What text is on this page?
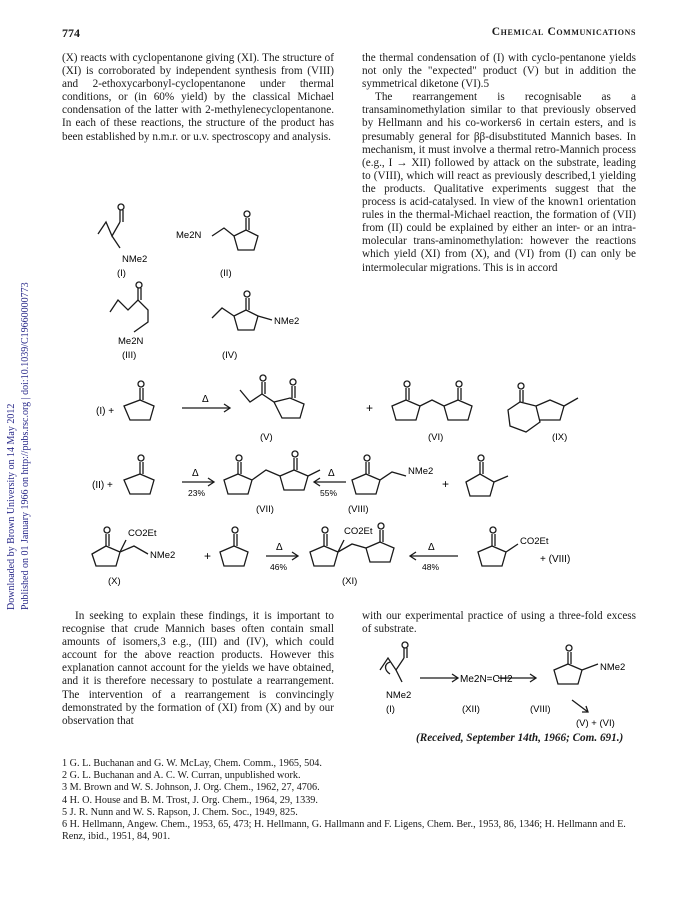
Downloaded by Brown University on 14 May 2012 Published on 01 January 1966 on http://pubs.rsc.org | doi:10.1039/C19660000773
774	Chemical Communications

(X) reacts with cyclopentanone giving (XI). The structure of (XI) is corroborated by independent synthesis from (VIII) and 2-ethoxycarbonyl-cyclopentanone under thermal conditions, or (in 60% yield) by the classical Michael condensation of the latter with 2-methylenecyclopentanone. In each of these reactions, the structure of the product has been established by n.m.r. or u.v. spectroscopy and analysis.

the thermal condensation of (I) with cyclo-pentanone yields not only the "expected" product (V) but in addition the symmetrical diketone (VI).5

The rearrangement is recognisable as a transaminomethylation similar to that previously observed by Hellmann and his co-workers6 in certain esters, and is presumably general for ββ-disubstituted Mannich bases. In mechanism, it must involve a thermal retro-Mannich process (e.g., I → XII) followed by attack on the substrate, leading to (VIII), which will react as previously described,1 yielding the products. Qualitative experiments suggest that the process is acid-catalysed. In view of the known1 orientation rules in the thermal-Michael reaction, the formation of (VII) from (II) could be explained by either an inter- or an intra-molecular trans-aminomethylation: however the reactions which yield (XI) from (X), and (VI) from (I) can only be intermolecular migrations. This is in accord

NMe2
(I)
Me2N
(II)
Me2N
(III)
NMe2
(IV)
(I) +
Δ
+
(V)	(VI)	(IX)
(II) +
Δ
23%
Δ
55%
NMe2
+
(VII)	(VIII)
CO2Et
NMe2 +
Δ
46%
CO2Et
Δ
48%
CO2Et
+ (VIII)
(X)	(XI)

In seeking to explain these findings, it is important to recognise that crude Mannich bases often contain small amounts of isomers,3 e.g., (III) and (IV), which could account for the above reaction products. However this explanation cannot account for the yields we have obtained, and it is therefore necessary to postulate a rearrangement. The intervention of a rearrangement is convincingly demonstrated by the formation of (XI) from (X) and by our observation that

with our experimental practice of using a three-fold excess of substrate.

NMe2
Me2N=CH2
NMe2
(I)	(XII)	(VIII)
(V) + (VI)
(Received, September 14th, 1966; Com. 691.)

1 G. L. Buchanan and G. W. McLay, Chem. Comm., 1965, 504.

2 G. L. Buchanan and A. C. W. Curran, unpublished work.

3 M. Brown and W. S. Johnson, J. Org. Chem., 1962, 27, 4706.

4 H. O. House and B. M. Trost, J. Org. Chem., 1964, 29, 1339.

5 J. R. Nunn and W. S. Rapson, J. Chem. Soc., 1949, 825.

6 H. Hellmann, Angew. Chem., 1953, 65, 473; H. Hellmann, G. Hallmann and F. Ligens, Chem. Ber., 1953, 86, 1346; H. Hellmann and E. Renz, ibid., 1951, 84, 901.
